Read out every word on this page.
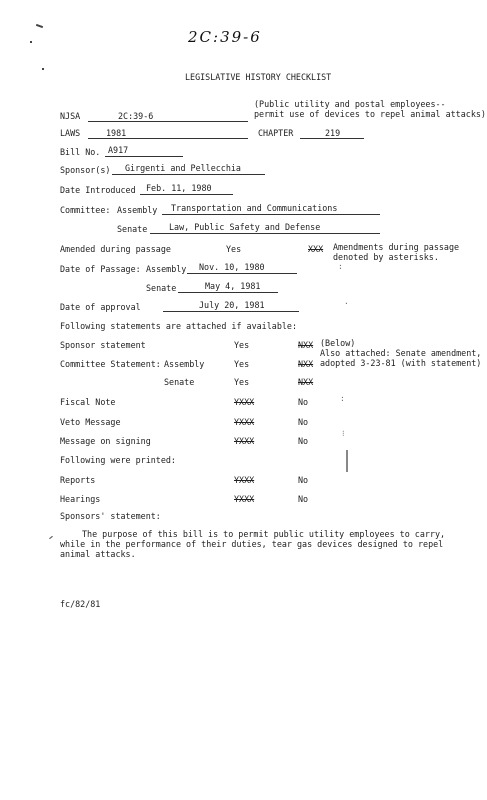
2C:39-6
LEGISLATIVE HISTORY CHECKLIST
NJSA	2C:39-6
(Public utility and postal employees--
permit use of devices to repel animal attacks)
LAWS	1981	CHAPTER	219
Bill No. A917
Sponsor(s) Girgenti and Pellecchia
Date Introduced Feb. 11, 1980
Committee: Assembly Transportation and Communications
Senate	Law, Public Safety and Defense
Amended during passage	Yes	XXX Amendments during passage
denoted by asterisks.
Date of Passage: Assembly Nov. 10, 1980
Senate	May 4, 1981
Date of approval	July 20, 1981
Following statements are attached if available:
Sponsor statement	Yes	NXX (Below)
Also attached: Senate amendment,
adopted 3-23-81 (with statement)
Committee Statement: Assembly	Yes	NXX
Senate	Yes	NXX
Fiscal Note	YXXX	No
Veto Message	YXXX	No
Message on signing	YXXX	No
Following were printed:
Reports	YXXX	No
Hearings	YXXX	No
Sponsors' statement:
The purpose of this bill is to permit public utility employees to carry,
while in the performance of their duties, tear gas devices designed to repel
animal attacks.
fc/82/81
:
·
:
⁝
